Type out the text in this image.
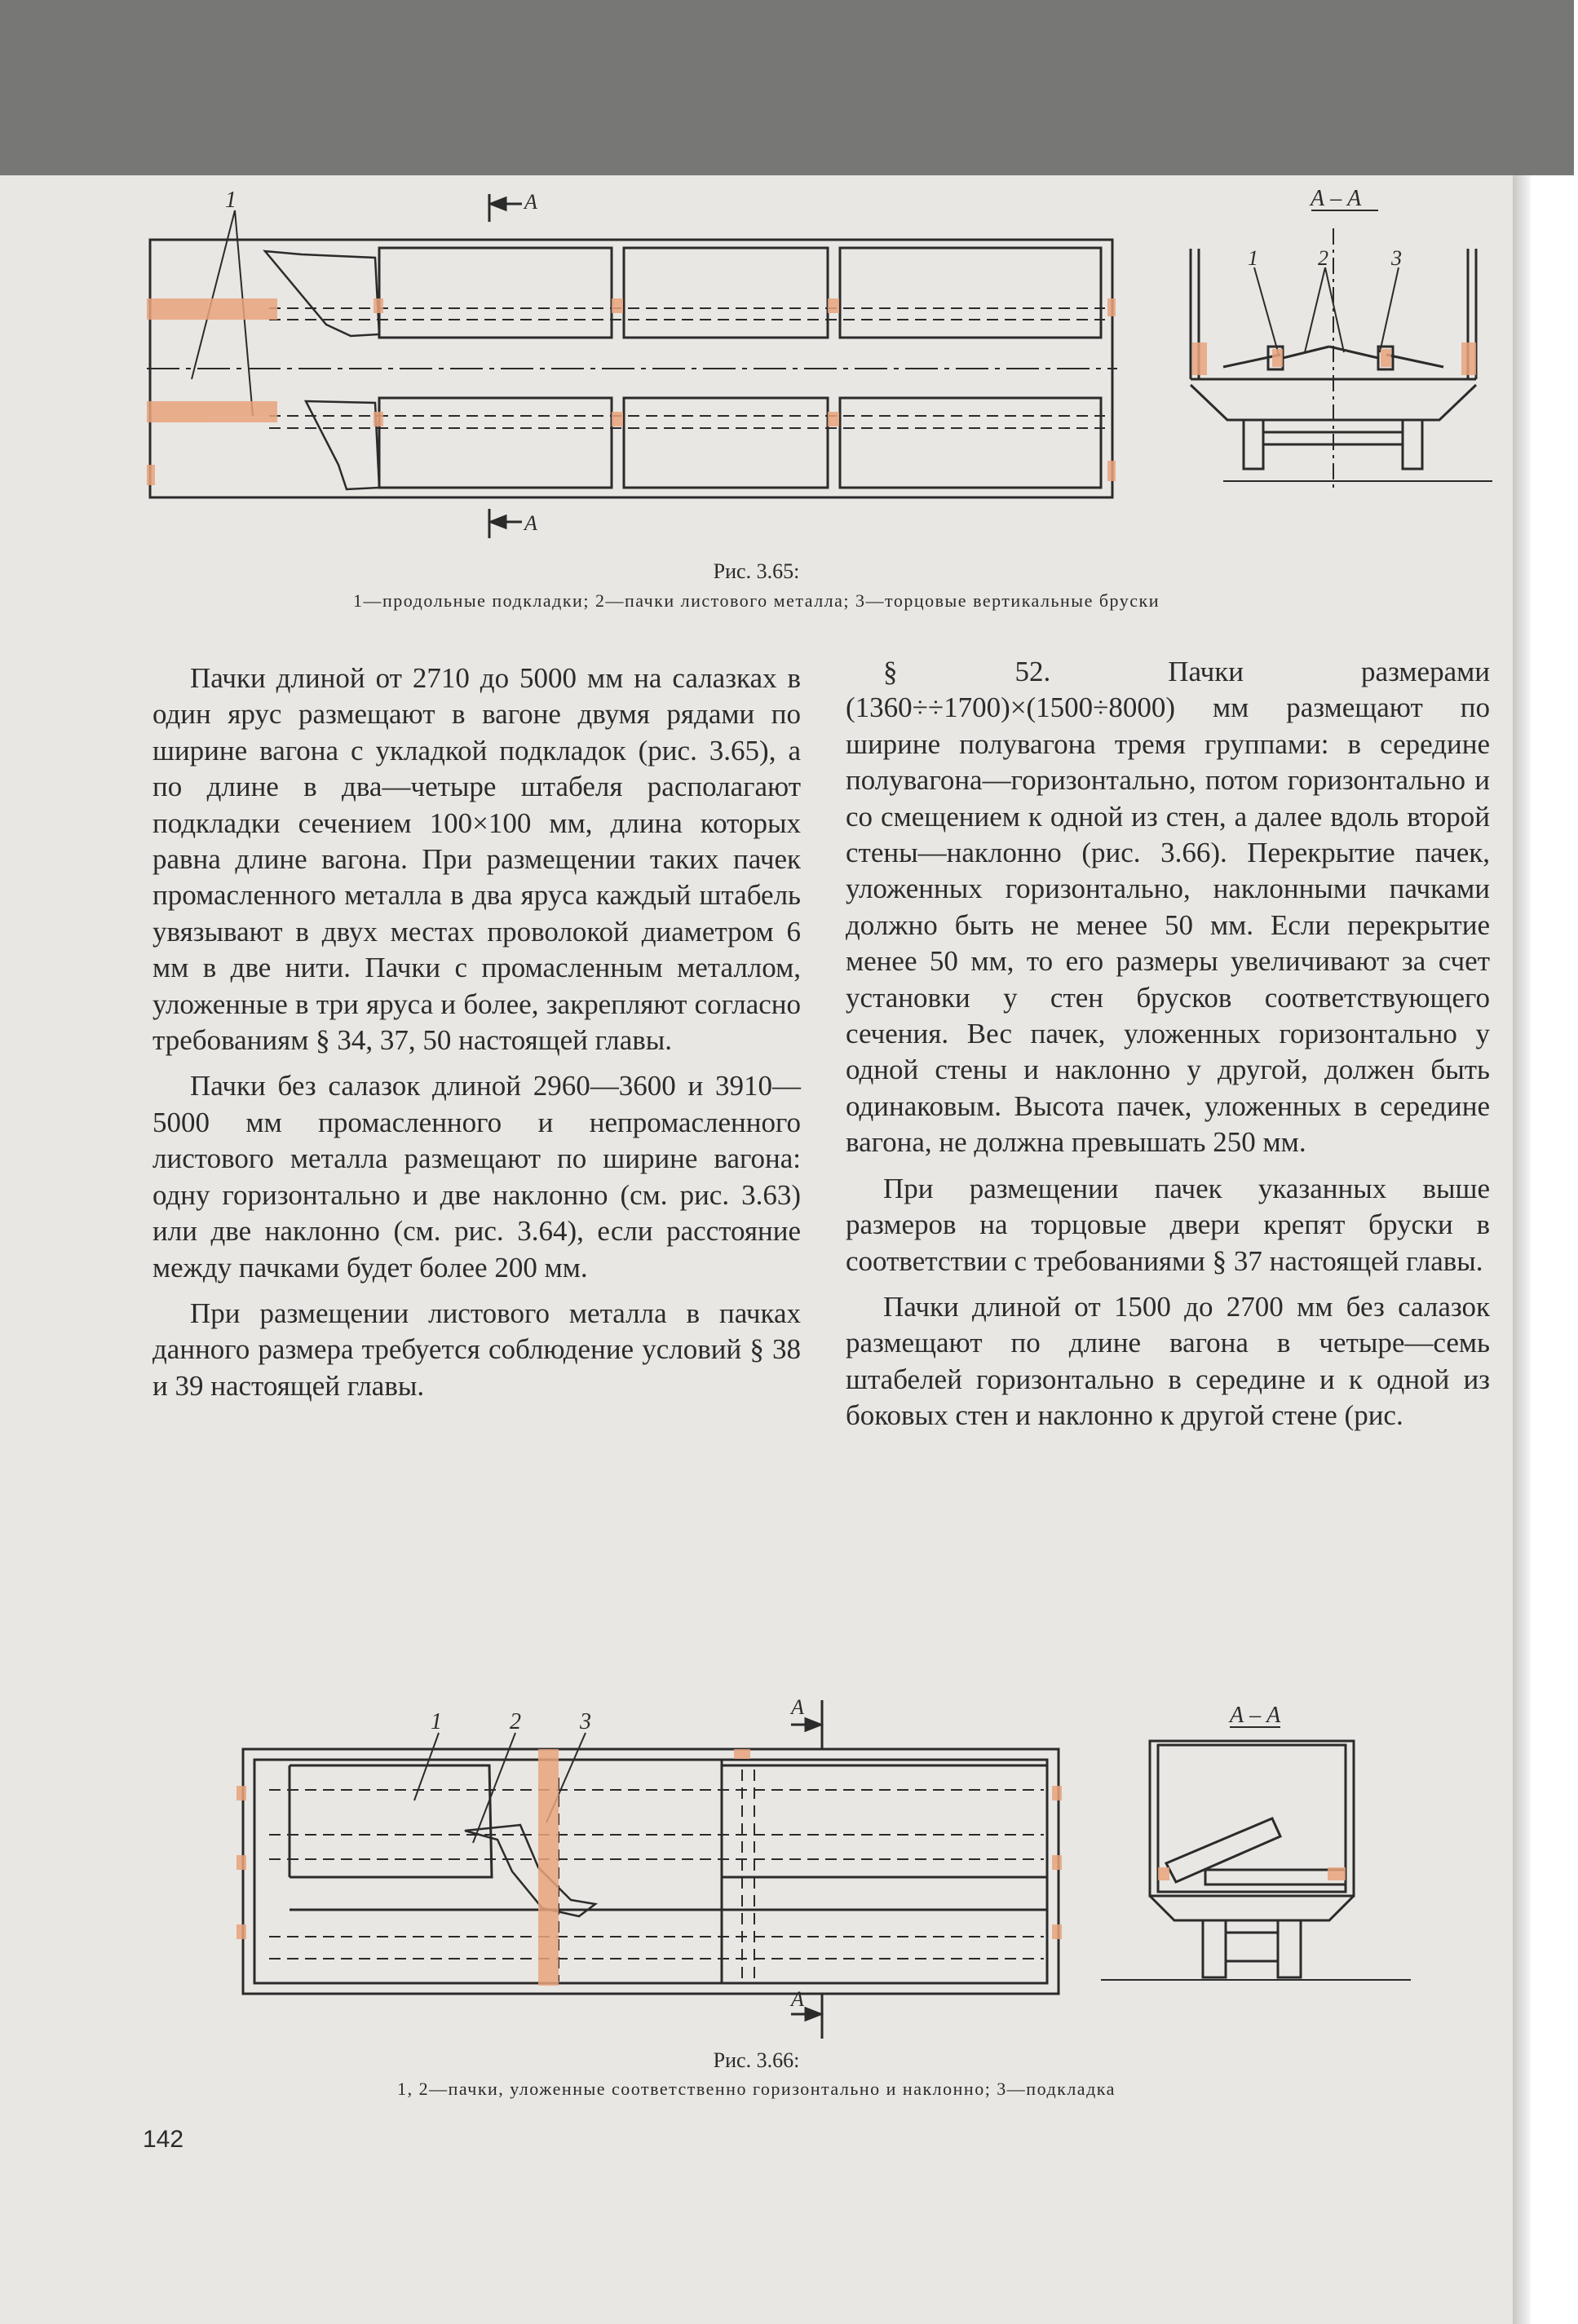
1	А
А
А – А
1	2	3
Рис. 3.65:
1—продольные подкладки; 2—пачки листового металла; 3—торцовые вертикальные бруски

Пачки длиной от 2710 до 5000 мм на салазках в один ярус размещают в вагоне двумя рядами по ширине вагона с укладкой подкладок (рис. 3.65), а по длине в два—четыре штабеля располагают подкладки сечением 100×100 мм, длина которых равна длине вагона. При размещении таких пачек промасленного металла в два яруса каждый штабель увязывают в двух местах проволокой диаметром 6 мм в две нити. Пачки с промасленным металлом, уложенные в три яруса и более, закрепляют согласно требованиям § 34, 37, 50 настоящей главы.

Пачки без салазок длиной 2960—3600 и 3910—5000 мм промасленного и непромасленного листового металла размещают по ширине вагона: одну горизонтально и две наклонно (см. рис. 3.63) или две наклонно (см. рис. 3.64), если расстояние между пачками будет более 200 мм.

При размещении листового металла в пачках данного размера требуется соблюдение условий § 38 и 39 настоящей главы.

§ 52. Пачки размерами (1360÷÷1700)×(1500÷8000) мм размещают по ширине полувагона тремя группами: в середине полувагона—горизонтально, потом горизонтально и со смещением к одной из стен, а далее вдоль второй стены—наклонно (рис. 3.66). Перекрытие пачек, уложенных горизонтально, наклонными пачками должно быть не менее 50 мм. Если перекрытие менее 50 мм, то его размеры увеличивают за счет установки у стен брусков соответствующего сечения. Вес пачек, уложенных горизонтально у одной стены и наклонно у другой, должен быть одинаковым. Высота пачек, уложенных в середине вагона, не должна превышать 250 мм.

При размещении пачек указанных выше размеров на торцовые двери крепят бруски в соответствии с требованиями § 37 настоящей главы.

Пачки длиной от 1500 до 2700 мм без салазок размещают по длине вагона в четыре—семь штабелей горизонтально в середине и к одной из боковых стен и наклонно к другой стене (рис.

1	2	3
А
А
А – А
Рис. 3.66:
1, 2—пачки, уложенные соответственно горизонтально и наклонно; 3—подкладка
142
